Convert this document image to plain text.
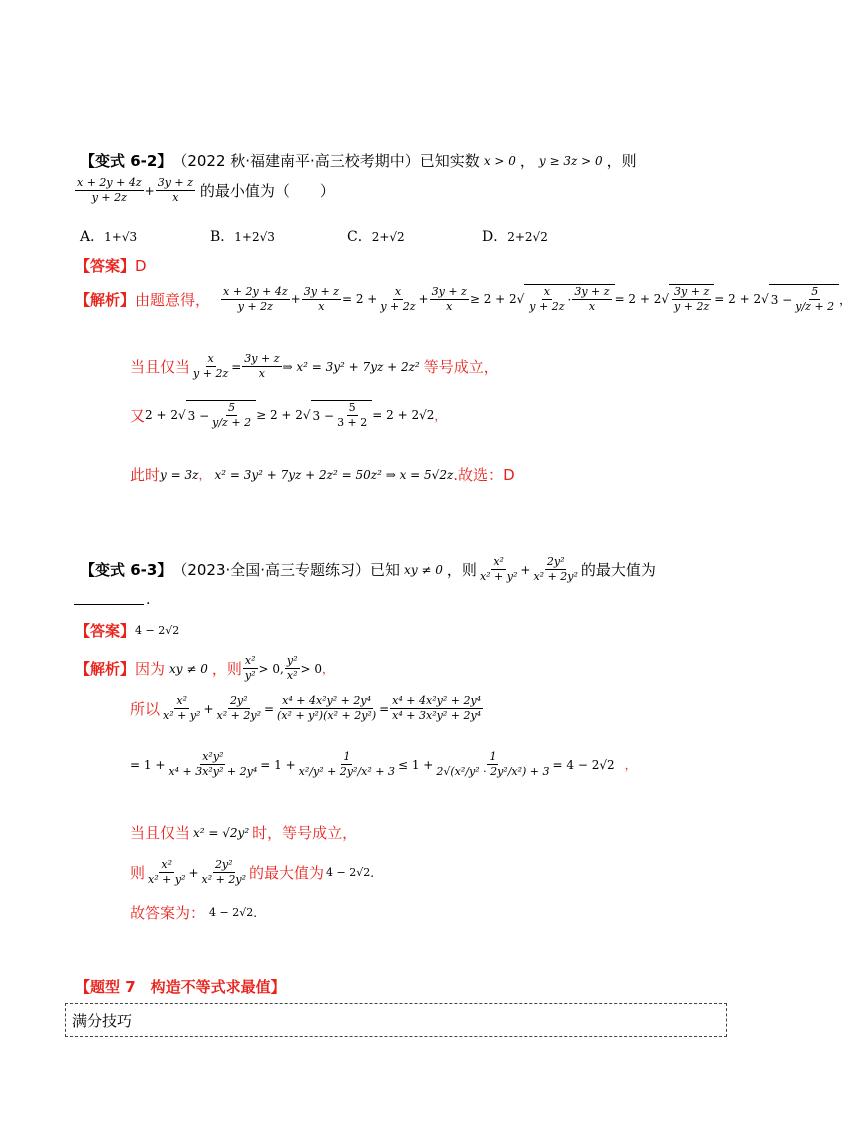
【变式 6-2】 （2022 秋·福建南平·高三校考期中）已知实数 x > 0 ， y ≥ 3z > 0 ，则
x + 2y + 4z
$y + 2z + \frac{3y + z}{x}$ 的最小值为（　　）
A．1+√3	B．1+2√3	C．2+√2	D．2+2√2
【答案】D
【解析】 由题意得， x + 2y + 4z
$y + 2z + \frac{3y + z}{x} = 2 + \frac{x}{y + 2z} + \frac{3y + z}{x} \ge 2 + 2√ \frac{x}{y + 2z} \cdot \frac{3y + z}{x} = 2 + 2√ \frac{3y + z}{y + 2z} = 2 + 2√$ $3 - \frac{5}{y/z + 2}$ ，
当且仅当 $\frac{x}{y + 2z} = \frac{3y + z}{x}$ ⇒ x² = 3y² + 7yz + 2z² 等号成立，
又 2 + 2√ $3 - \frac{5}{y/z + 2} \ge 2 + 2√$ $3 - \frac{5}{3 + 2} = 2 + 2√2$ ，
此时 y = 3z ， x² = 3y² + 7yz + 2z² = 50z² ⇒ x = 5√2z .故选： D
【变式 6-3】 （2023·全国·高三专题练习）已知 xy ≠ 0 ，则 x²
$x^2 + y^2 + \frac{\text{2y²}}{\text{x² + 2y²}}$ 的最大值为
.
【答案】 4 − 2√2
【解析】 因为 xy ≠ 0 ，则 x²
y² > 0,
y²
x² > 0 ，
所以 x²
$x^2 + y^2 + \frac{\text{2y²}}{\text{x² + 2y²}} = \frac{\text{x⁴ + 4x²y² + 2y⁴}}{\text{(x² + y²)(x² + 2y²)}} = \frac{\text{x⁴ + 4x²y² + 2y⁴}}{\text{x⁴ + 3x²y² + 2y⁴}}$
= $1 + \frac{\text{x²y²}}{\text{x⁴ + 3x²y² + 2y⁴}} = 1 + \frac{1}{\text{x²/y² + 2y²/x² + 3}} \le 1 + \frac{1}{\text{2√(x²/y² · 2y²/x²) + 3}} = 4 - 2√2$ ，
当且仅当 x² = √2y² 时，等号成立，
则 x²
$x^2 + y^2 + \frac{\text{2y²}}{\text{x² + 2y²}}$ 的最大值为 4 − 2√2 .
故答案为： 4 − 2√2 .
【题型 7　构造不等式求最值】
满分技巧
